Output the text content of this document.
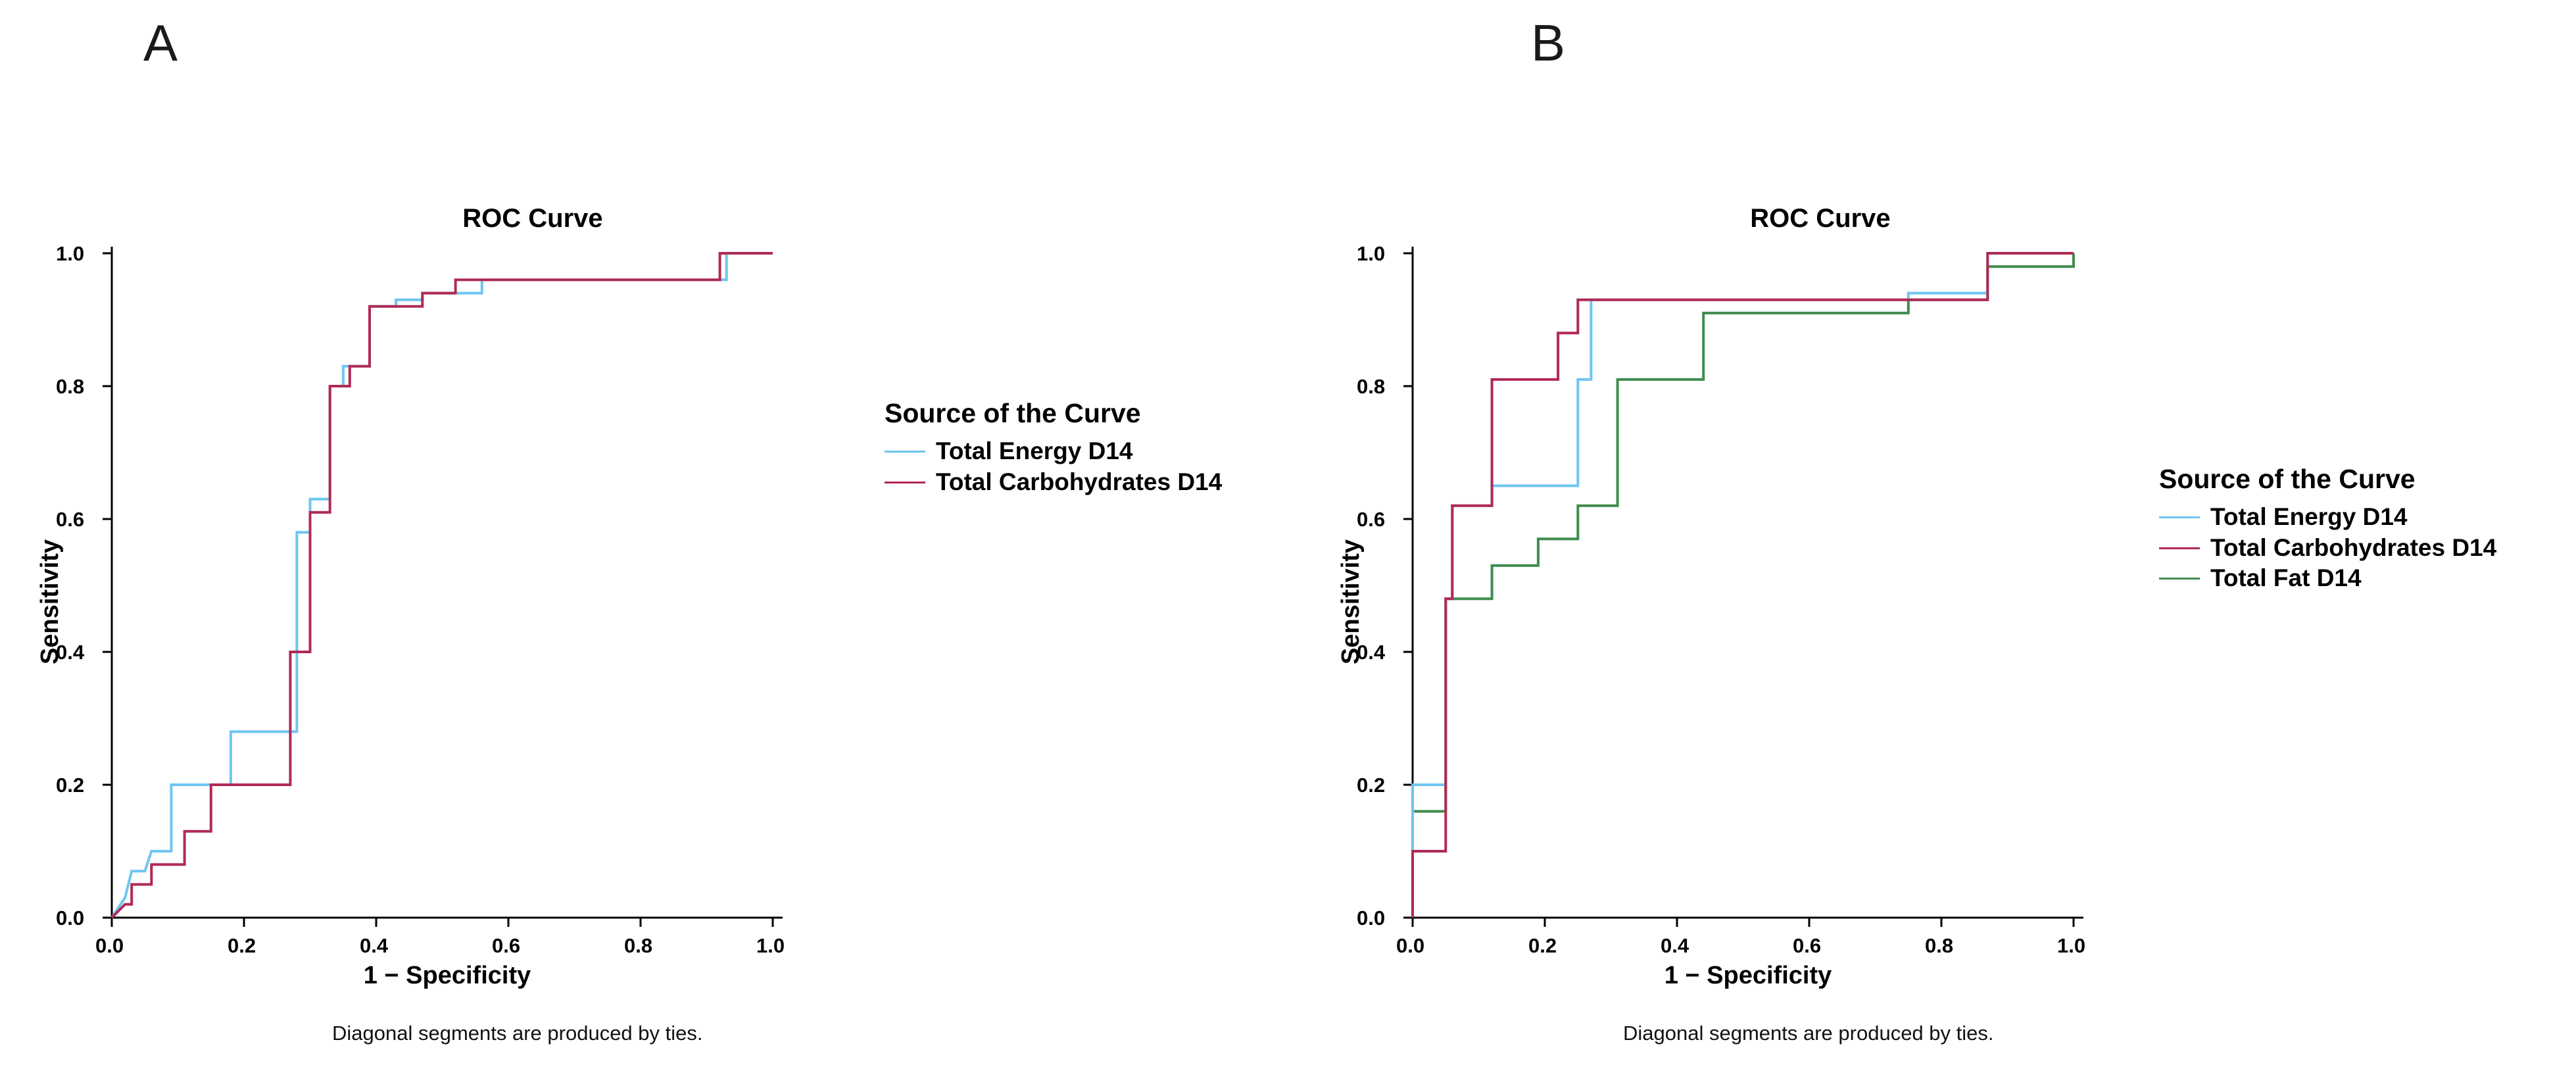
A
ROC Curve
0.0
0.2
0.4
0.6
0.8
1.0
0.0	0.2	0.4	0.6	0.8	1.0
Sensitivity
1 − Specificity
Diagonal segments are produced by ties.
Source of the Curve
Total Energy D14
Total Carbohydrates D14
B
ROC Curve
0.0
0.2
0.4
0.6
0.8
1.0
0.0	0.2	0.4	0.6	0.8	1.0
Sensitivity
1 − Specificity
Diagonal segments are produced by ties.
Source of the Curve
Total Energy D14
Total Carbohydrates D14
Total Fat D14
